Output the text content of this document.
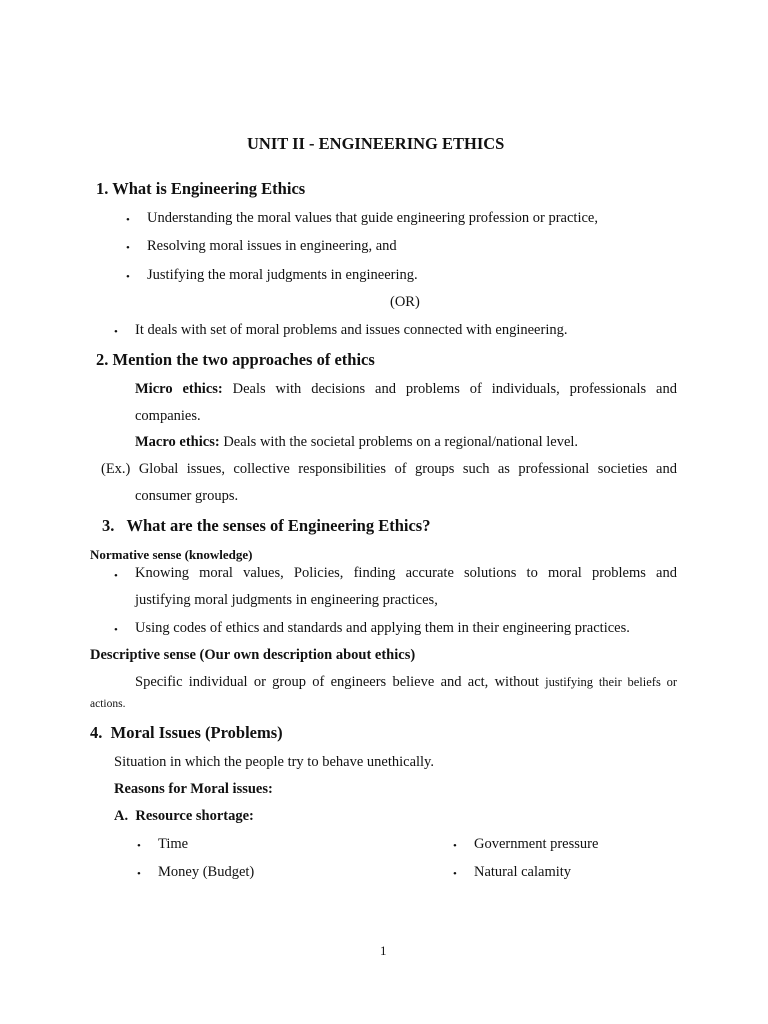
UNIT II - ENGINEERING ETHICS
1. What is Engineering Ethics
• Understanding the moral values that guide engineering profession or practice,
• Resolving moral issues in engineering, and
• Justifying the moral judgments in engineering.
(OR)
• It deals with set of moral problems and issues connected with engineering.
2. Mention the two approaches of ethics
Micro ethics: Deals with decisions and problems of individuals, professionals and
companies.
Macro ethics: Deals with the societal problems on a regional/national level.
(Ex.) Global issues, collective responsibilities of groups such as professional societies and
consumer groups.
3.   What are the senses of Engineering Ethics?
Normative sense (knowledge)
• Knowing moral values, Policies, finding accurate solutions to moral problems and
justifying moral judgments in engineering practices,
• Using codes of ethics and standards and applying them in their engineering practices.
Descriptive sense (Our own description about ethics)
Specific individual or group of engineers believe and act, without justifying their beliefs or
actions.
4.  Moral Issues (Problems)
Situation in which the people try to behave unethically.
Reasons for Moral issues:
A.  Resource shortage:
• Time
• Money (Budget)
• Government pressure
• Natural calamity
1
